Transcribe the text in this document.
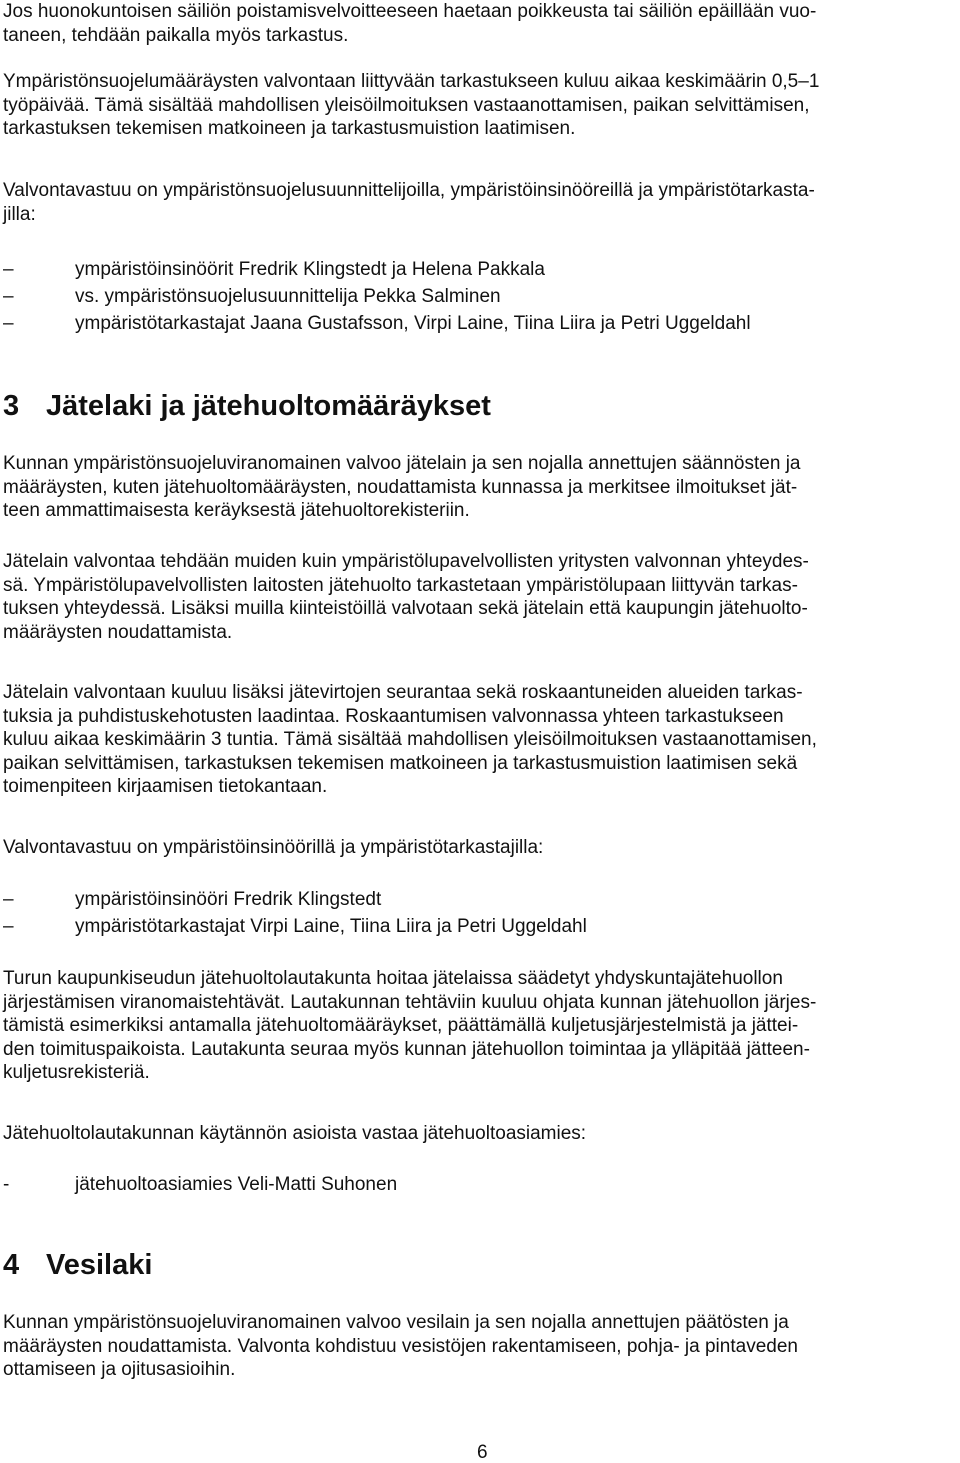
Jos huonokuntoisen säiliön poistamisvelvoitteeseen haetaan poikkeusta tai säiliön epäillään vuo-
taneen, tehdään paikalla myös tarkastus.
Ympäristönsuojelumääräysten valvontaan liittyvään tarkastukseen kuluu aikaa keskimäärin 0,5–1
työpäivää. Tämä sisältää mahdollisen yleisöilmoituksen vastaanottamisen, paikan selvittämisen,
tarkastuksen tekemisen matkoineen ja tarkastusmuistion laatimisen.
Valvontavastuu on ympäristönsuojelusuunnittelijoilla, ympäristöinsinööreillä ja ympäristötarkasta-
jilla:
–	ympäristöinsinöörit Fredrik Klingstedt ja Helena Pakkala
–	vs. ympäristönsuojelusuunnittelija Pekka Salminen
–	ympäristötarkastajat Jaana Gustafsson, Virpi Laine, Tiina Liira ja Petri Uggeldahl
3 Jätelaki ja jätehuoltomääräykset
Kunnan ympäristönsuojeluviranomainen valvoo jätelain ja sen nojalla annettujen säännösten ja
määräysten, kuten jätehuoltomääräysten, noudattamista kunnassa ja merkitsee ilmoitukset jät-
teen ammattimaisesta keräyksestä jätehuoltorekisteriin.
Jätelain valvontaa tehdään muiden kuin ympäristölupavelvollisten yritysten valvonnan yhteydes-
sä. Ympäristölupavelvollisten laitosten jätehuolto tarkastetaan ympäristölupaan liittyvän tarkas-
tuksen yhteydessä. Lisäksi muilla kiinteistöillä valvotaan sekä jätelain että kaupungin jätehuolto-
määräysten noudattamista.
Jätelain valvontaan kuuluu lisäksi jätevirtojen seurantaa sekä roskaantuneiden alueiden tarkas-
tuksia ja puhdistuskehotusten laadintaa. Roskaantumisen valvonnassa yhteen tarkastukseen
kuluu aikaa keskimäärin 3 tuntia. Tämä sisältää mahdollisen yleisöilmoituksen vastaanottamisen,
paikan selvittämisen, tarkastuksen tekemisen matkoineen ja tarkastusmuistion laatimisen sekä
toimenpiteen kirjaamisen tietokantaan.
Valvontavastuu on ympäristöinsinöörillä ja ympäristötarkastajilla:
–	ympäristöinsinööri Fredrik Klingstedt
–	ympäristötarkastajat Virpi Laine, Tiina Liira ja Petri Uggeldahl
Turun kaupunkiseudun jätehuoltolautakunta hoitaa jätelaissa säädetyt yhdyskuntajätehuollon
järjestämisen viranomaistehtävät. Lautakunnan tehtäviin kuuluu ohjata kunnan jätehuollon järjes-
tämistä esimerkiksi antamalla jätehuoltomääräykset, päättämällä kuljetusjärjestelmistä ja jättei-
den toimituspaikoista. Lautakunta seuraa myös kunnan jätehuollon toimintaa ja ylläpitää jätteen-
kuljetusrekisteriä.
Jätehuoltolautakunnan käytännön asioista vastaa jätehuoltoasiamies:
-	jätehuoltoasiamies Veli-Matti Suhonen
4 Vesilaki
Kunnan ympäristönsuojeluviranomainen valvoo vesilain ja sen nojalla annettujen päätösten ja
määräysten noudattamista. Valvonta kohdistuu vesistöjen rakentamiseen, pohja- ja pintaveden
ottamiseen ja ojitusasioihin.
6
